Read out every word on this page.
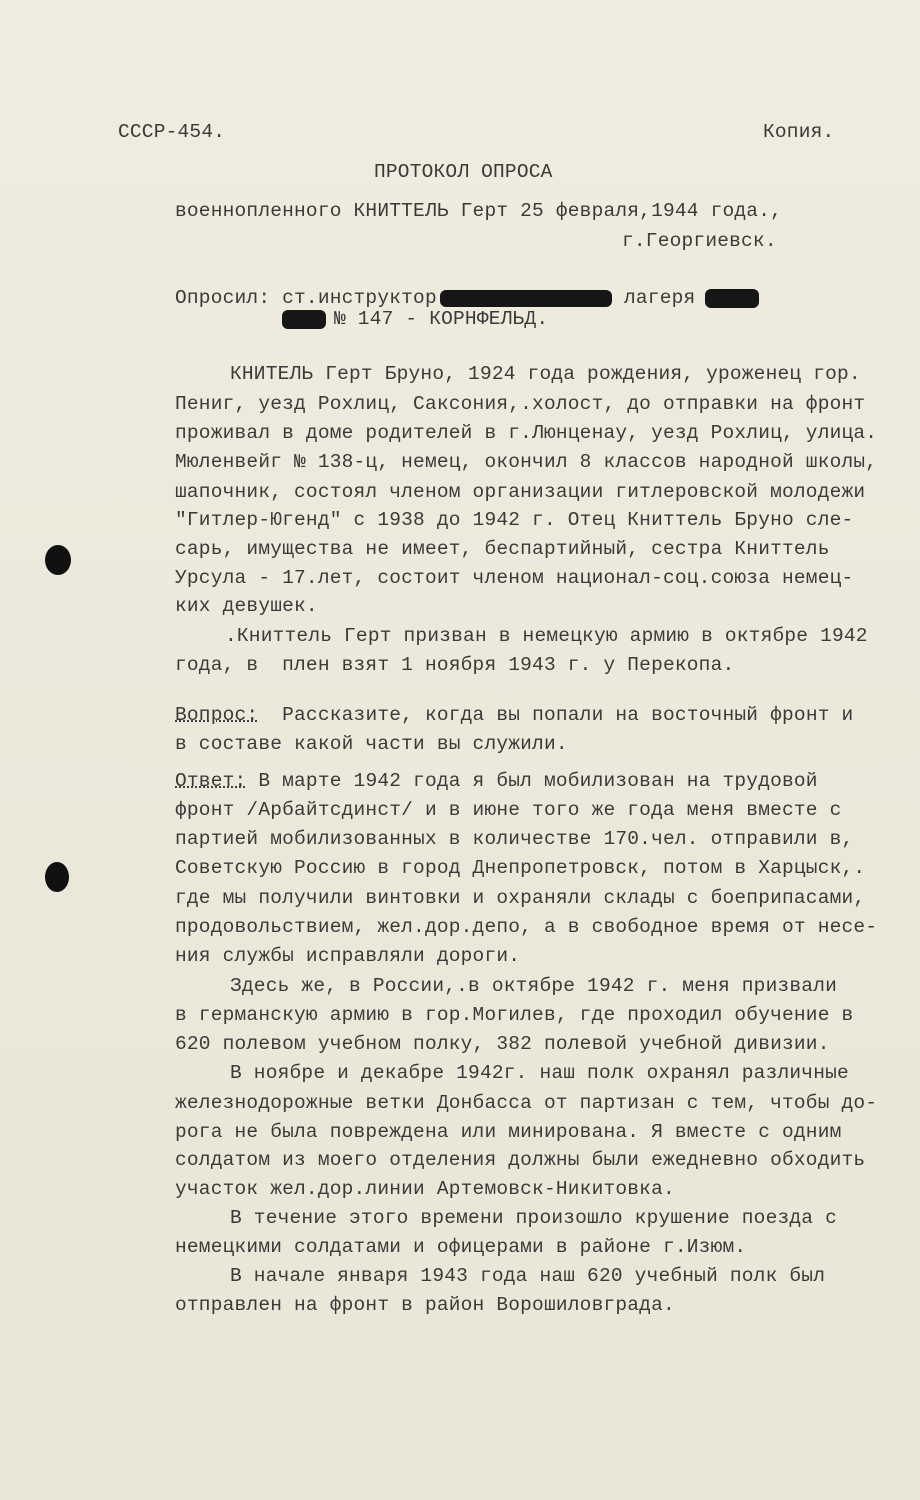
СССР-454.	Копия.
ПРОТОКОЛ ОПРОСА
военнопленного КНИТТЕЛЬ Герт 25 февраля,1944 года.,
г.Георгиевск.
Опросил: ст.инструктор	лагеря
№ 147 - КОРНФЕЛЬД.
КНИТЕЛЬ Герт Бруно, 1924 года рождения, уроженец гор.
Пениг, уезд Рохлиц, Саксония,.холост, до отправки на фронт
проживал в доме родителей в г.Люнценау, уезд Рохлиц, улица.
Мюленвейг № 138-ц, немец, окончил 8 классов народной школы,
шапочник, состоял членом организации гитлеровской молодежи
"Гитлер-Югенд" с 1938 до 1942 г. Отец Книттель Бруно сле-
сарь, имущества не имеет, беспартийный, сестра Книттель
Урсула - 17.лет, состоит членом национал-соц.союза немец-
ких девушек.
.Книттель Герт призван в немецкую армию в октябре 1942
года, в  плен взят 1 ноября 1943 г. у Перекопа.
Вопрос:  Рассказите, когда вы попали на восточный фронт и
в составе какой части вы служили.
Ответ: В марте 1942 года я был мобилизован на трудовой
фронт /Арбайтсдинст/ и в июне того же года меня вместе с
партией мобилизованных в количестве 170.чел. отправили в,
Советскую Россию в город Днепропетровск, потом в Харцыск,.
где мы получили винтовки и охраняли склады с боеприпасами,
продовольствием, жел.дор.депо, а в свободное время от несе-
ния службы исправляли дороги.
Здесь же, в России,.в октябре 1942 г. меня призвали
в германскую армию в гор.Могилев, где проходил обучение в
620 полевом учебном полку, 382 полевой учебной дивизии.
В ноябре и декабре 1942г. наш полк охранял различные
железнодорожные ветки Донбасса от партизан с тем, чтобы до-
рога не была повреждена или минирована. Я вместе с одним
солдатом из моего отделения должны были ежедневно обходить
участок жел.дор.линии Артемовск-Никитовка.
В течение этого времени произошло крушение поезда с
немецкими солдатами и офицерами в районе г.Изюм.
В начале января 1943 года наш 620 учебный полк был
отправлен на фронт в район Ворошиловграда.
